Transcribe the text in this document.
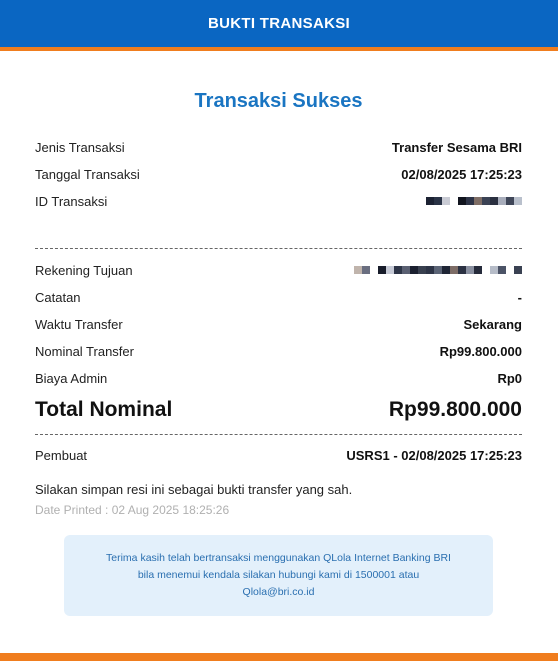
BUKTI TRANSAKSI
Transaksi Sukses
Jenis Transaksi	Transfer Sesama BRI
Tanggal Transaksi	02/08/2025 17:25:23
ID Transaksi
Rekening Tujuan
Catatan	-
Waktu Transfer	Sekarang
Nominal Transfer	Rp99.800.000
Biaya Admin	Rp0
Total Nominal	Rp99.800.000
Pembuat	USRS1 - 02/08/2025 17:25:23
Silakan simpan resi ini sebagai bukti transfer yang sah.
Date Printed : 02 Aug 2025 18:25:26
Terima kasih telah bertransaksi menggunakan QLola Internet Banking BRI
bila menemui kendala silakan hubungi kami di 1500001 atau
Qlola@bri.co.id
